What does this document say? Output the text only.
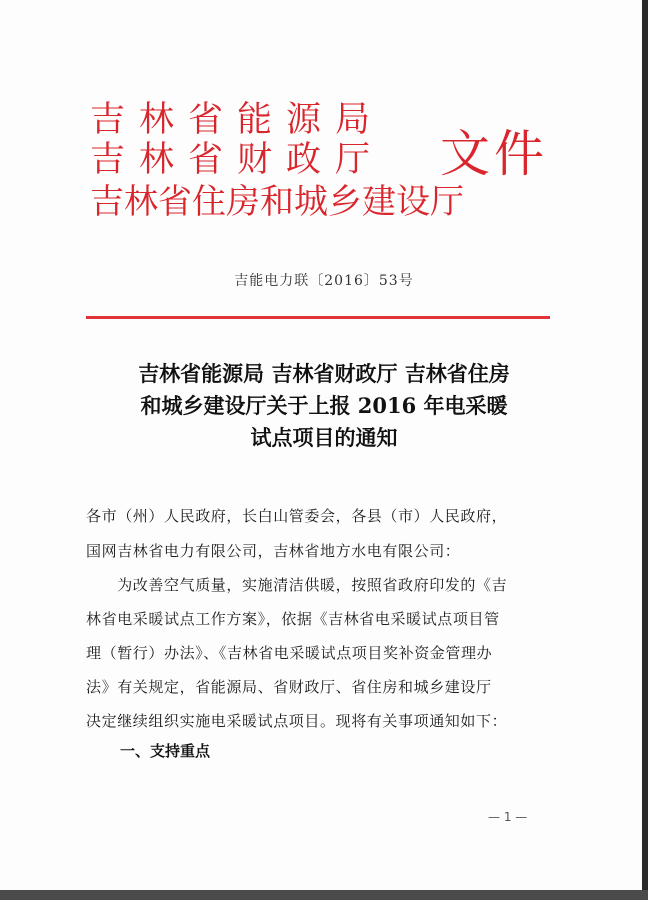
吉林省能源局
吉林省财政厅
吉林省住房和城乡建设厅
文件
吉能电力联〔2016〕53号
吉林省能源局 吉林省财政厅 吉林省住房
和城乡建设厅关于上报 2016 年电采暖
试点项目的通知
各市（州）人民政府，长白山管委会，各县（市）人民政府，
国网吉林省电力有限公司，吉林省地方水电有限公司：
　　为改善空气质量，实施清洁供暖，按照省政府印发的《吉
林省电采暖试点工作方案》，依据《吉林省电采暖试点项目管
理（暂行）办法》、《吉林省电采暖试点项目奖补资金管理办
法》有关规定，省能源局、省财政厅、省住房和城乡建设厅
决定继续组织实施电采暖试点项目。现将有关事项通知如下：
一、支持重点
— 1 —
